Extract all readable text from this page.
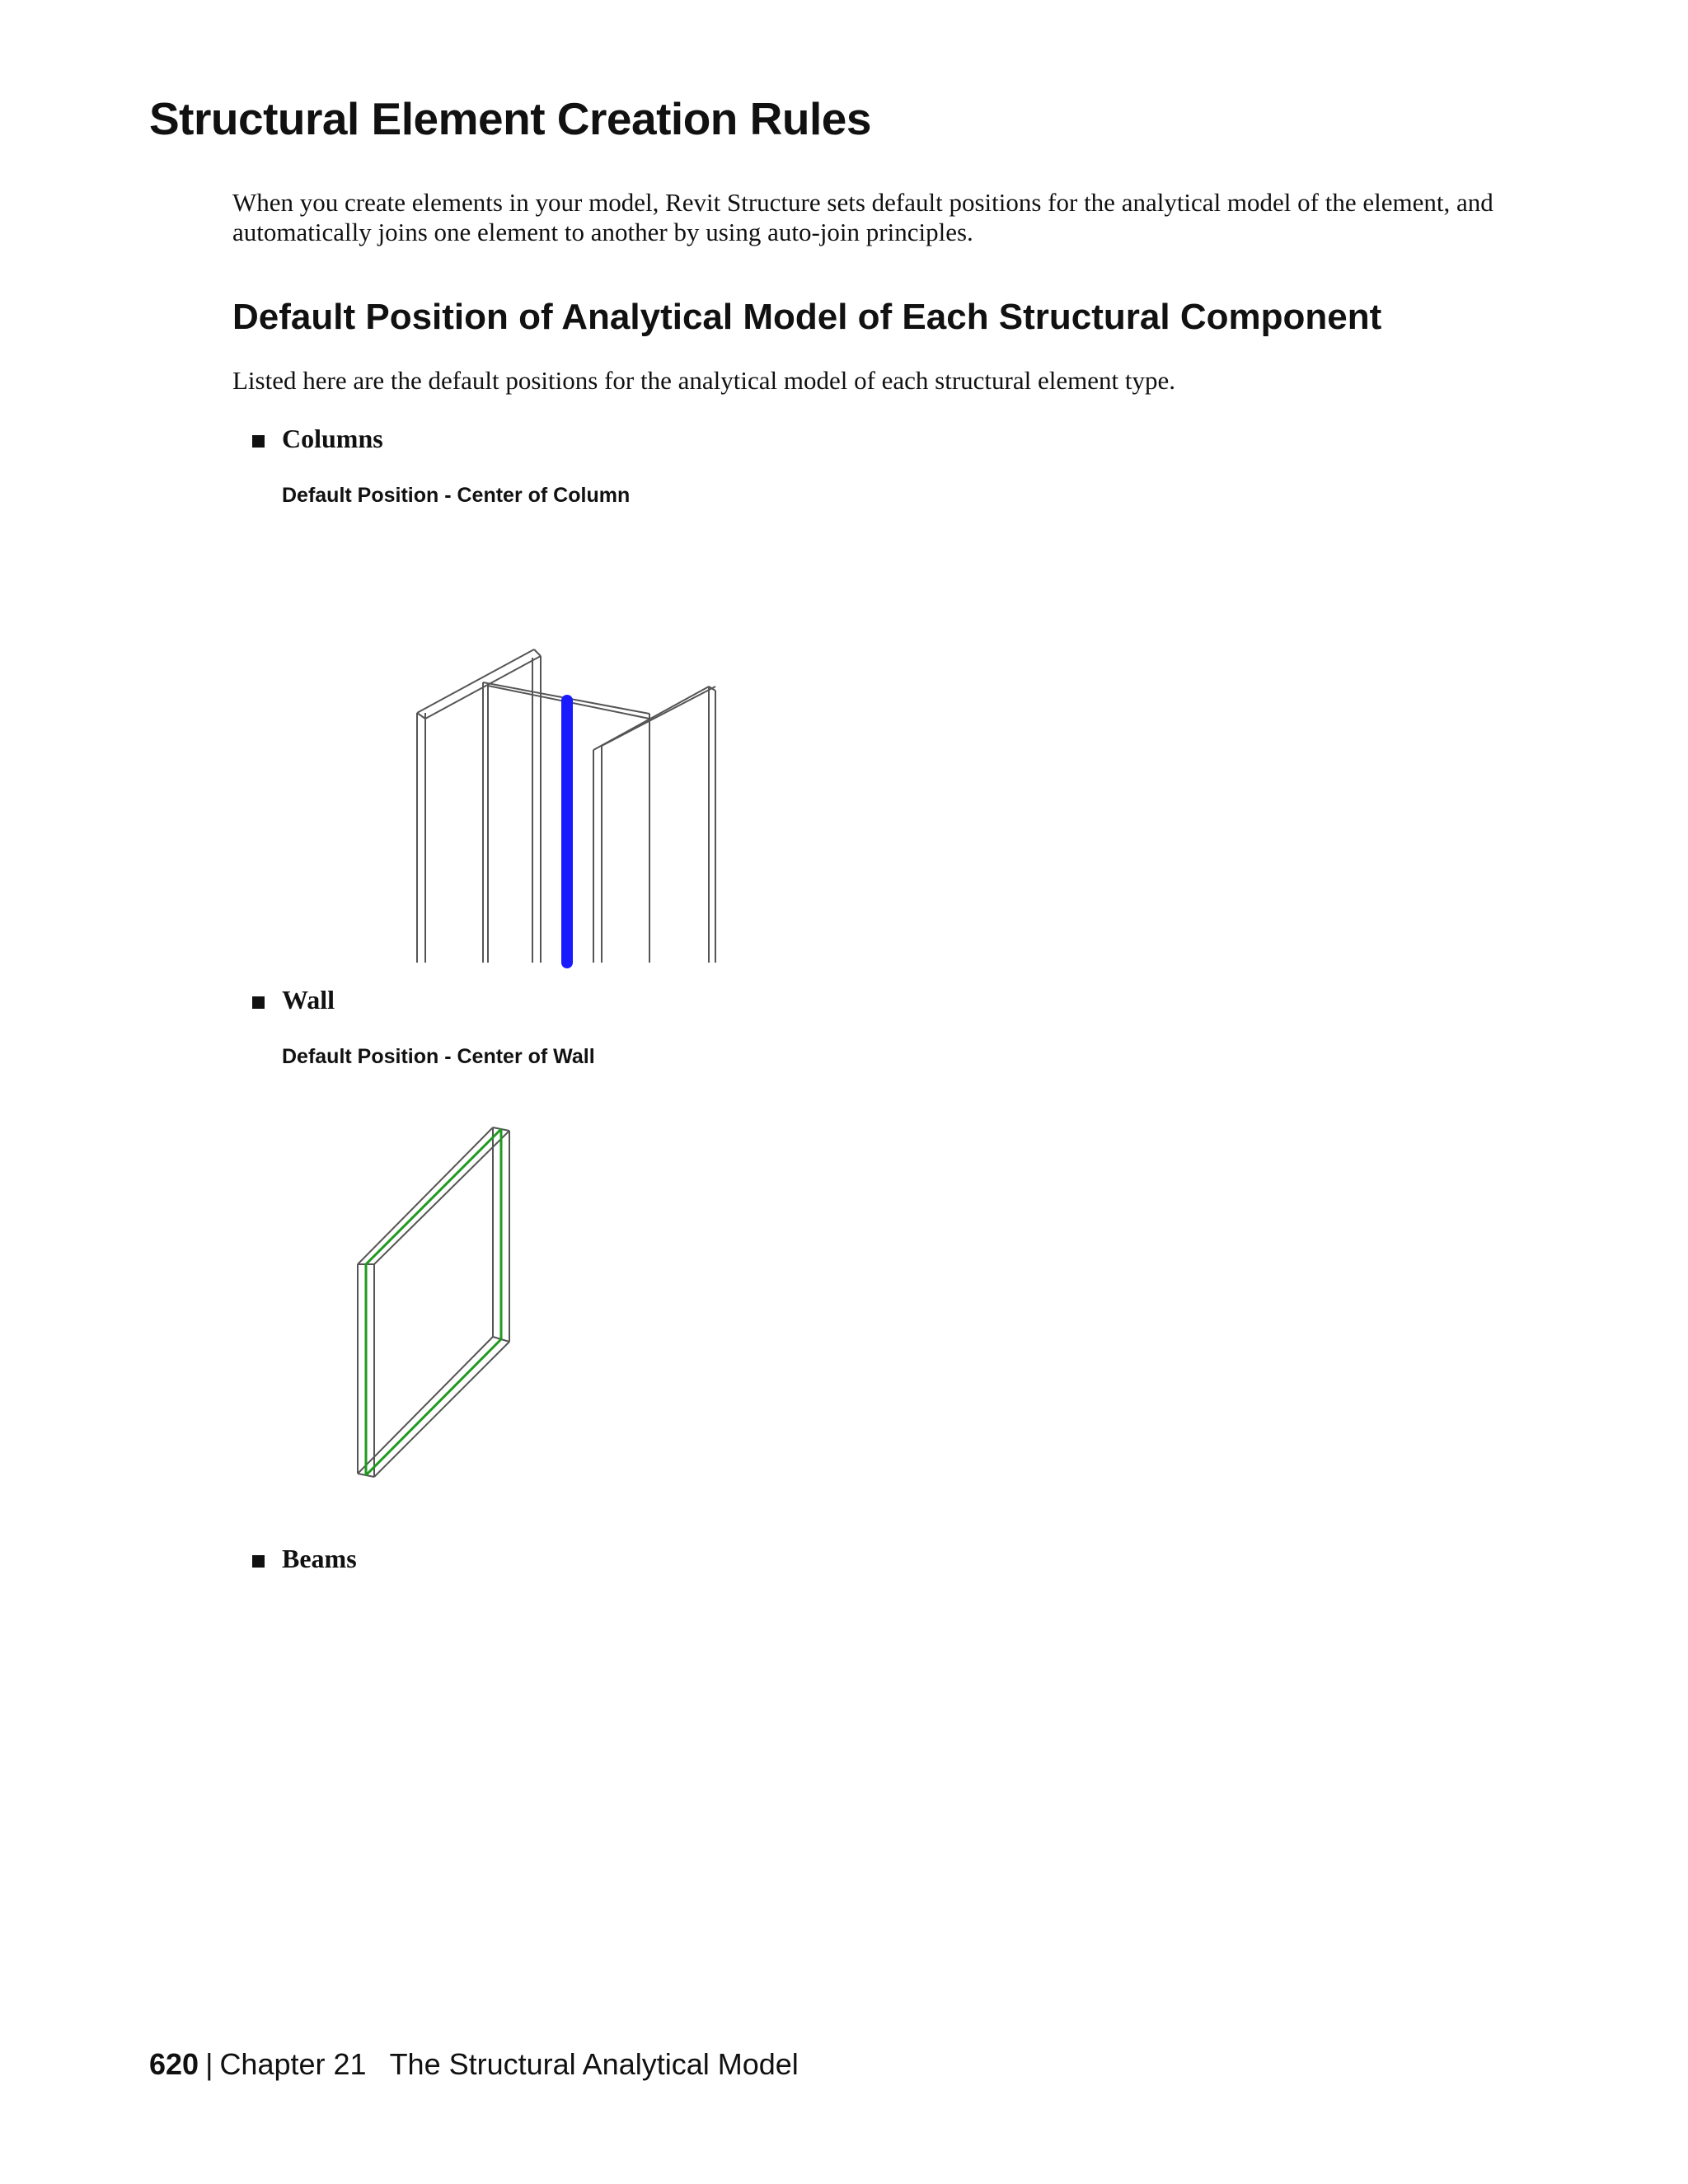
Structural Element Creation Rules

When you create elements in your model, Revit Structure sets default positions for the analytical model of the element, and automatically joins one element to another by using auto-join principles.

Default Position of Analytical Model of Each Structural Component

Listed here are the default positions for the analytical model of each structural element type.

Columns
Default Position - Center of Column
Wall
Default Position - Center of Wall
Beams
620 | Chapter 21 The Structural Analytical Model
